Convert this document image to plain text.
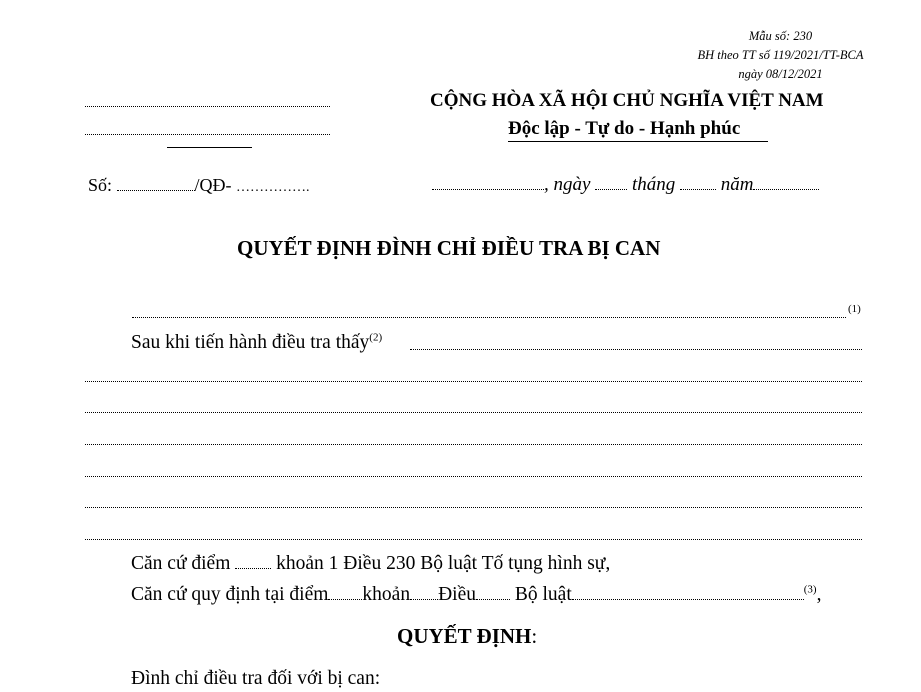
Mẫu số: 230
BH theo TT số 119/2021/TT-BCA
ngày 08/12/2021
CỘNG HÒA XÃ HỘI CHỦ NGHĨA VIỆT NAM
Độc lập - Tự do - Hạnh phúc
Số:	/QĐ- …………….	, ngày tháng năm
QUYẾT ĐỊNH ĐÌNH CHỈ ĐIỀU TRA BỊ CAN
(1)
Sau khi tiến hành điều tra thấy$^{(2)}$
Căn cứ điểm khoản 1 Điều 230 Bộ luật Tố tụng hình sự,
Căn cứ quy định tại điểm khoản Điều Bộ luật	$^{(3)}$,
QUYẾT ĐỊNH:
Đình chỉ điều tra đối với bị can:
